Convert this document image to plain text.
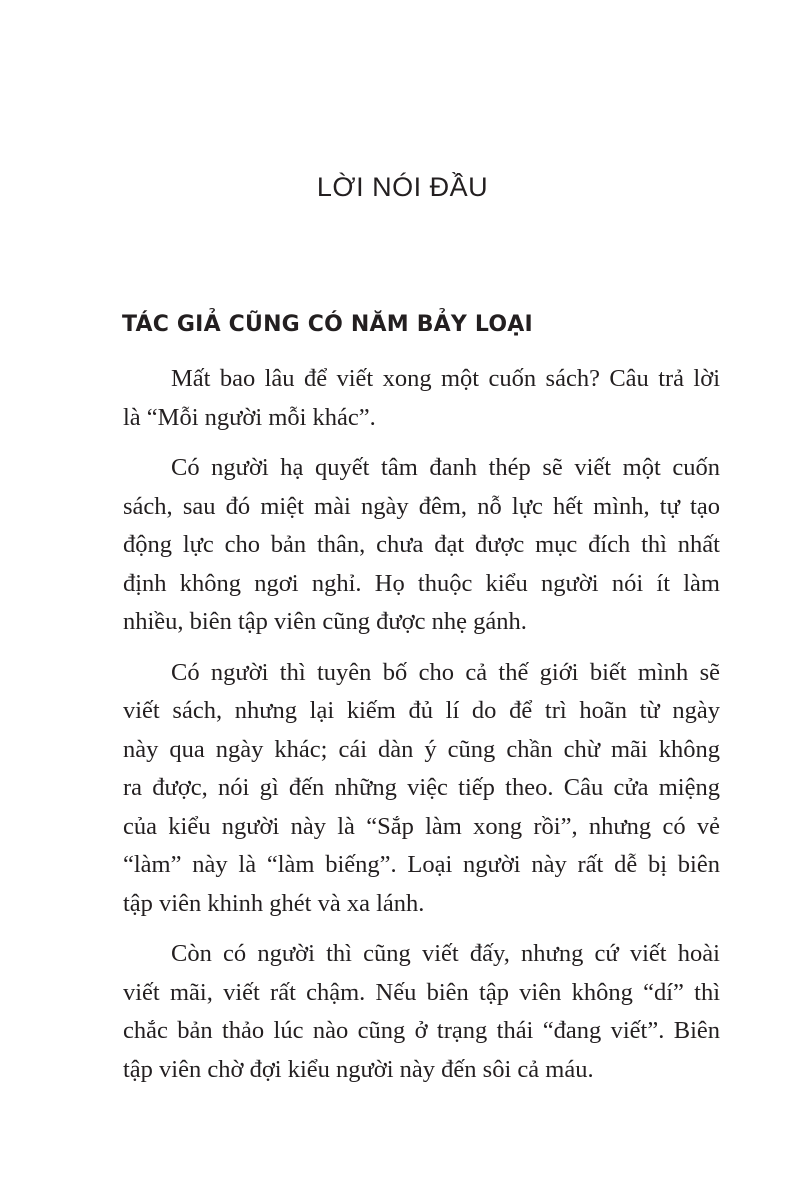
LỜI NÓI ĐẦU
TÁC GIẢ CŨNG CÓ NĂM BẢY LOẠI
Mất bao lâu để viết xong một cuốn sách? Câu trả lời
là “Mỗi người mỗi khác”.
Có người hạ quyết tâm đanh thép sẽ viết một cuốn
sách, sau đó miệt mài ngày đêm, nỗ lực hết mình, tự tạo
động lực cho bản thân, chưa đạt được mục đích thì nhất
định không ngơi nghỉ. Họ thuộc kiểu người nói ít làm
nhiều, biên tập viên cũng được nhẹ gánh.
Có người thì tuyên bố cho cả thế giới biết mình sẽ
viết sách, nhưng lại kiếm đủ lí do để trì hoãn từ ngày
này qua ngày khác; cái dàn ý cũng chần chừ mãi không
ra được, nói gì đến những việc tiếp theo. Câu cửa miệng
của kiểu người này là “Sắp làm xong rồi”, nhưng có vẻ
“làm” này là “làm biếng”. Loại người này rất dễ bị biên
tập viên khinh ghét và xa lánh.
Còn có người thì cũng viết đấy, nhưng cứ viết hoài
viết mãi, viết rất chậm. Nếu biên tập viên không “dí” thì
chắc bản thảo lúc nào cũng ở trạng thái “đang viết”. Biên
tập viên chờ đợi kiểu người này đến sôi cả máu.
